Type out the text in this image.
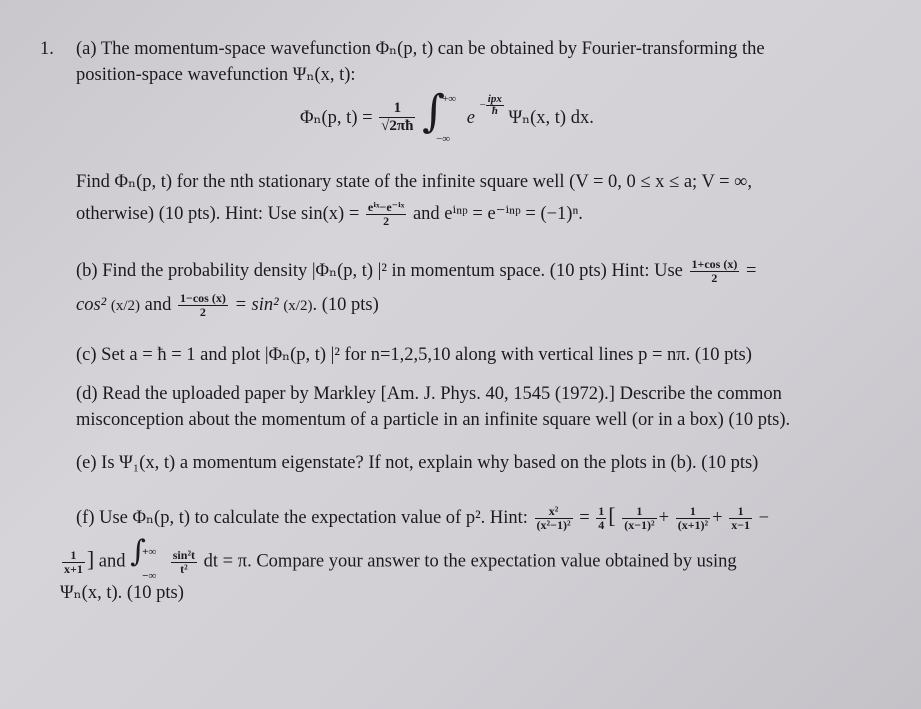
1. (a) The momentum-space wavefunction Φₙ(p, t) can be obtained by Fourier-transforming the
position-space wavefunction Ψₙ(x, t):
Φₙ(p, $t) = \frac{1}{√2\pi ħ}$
∫
+∞
−∞
$e - \frac{\text{ipx}}{ħ}$
Ψₙ(x, t) dx.
Find Φₙ(p, t) for the nth stationary state of the infinite square well (V = 0, 0 ≤ x ≤ a; V = ∞,
otherwise) (10 pts). Hint: Use $\sin(x) = \frac{\text{eⁱˣ−e⁻ⁱˣ}}{2}$ and eⁱⁿᵖ = e⁻ⁱⁿᵖ = (−1)ⁿ.
(b) Find the probability density |Φₙ(p, t) |² in momentum space. (10 pts) Hint: Use $\frac{1+\cos (x)}{2}$ =
cos² (x/2) and $\frac{1-\cos (x)}{2} = \sin^2$ (x/2). (10 pts)
(c) Set a = ħ = 1 and plot |Φₙ(p, t) |² for n=1,2,5,10 along with vertical lines p = nπ. (10 pts)
(d) Read the uploaded paper by Markley [Am. J. Phys. 40, 1545 (1972).] Describe the common
misconception about the momentum of a particle in an infinite square well (or in a box) (10 pts).
(e) Is Ψ₁(x, t) a momentum eigenstate? If not, explain why based on the plots in (b). (10 pts)
(f) Use Φₙ(p, t) to calculate the expectation value of p². Hint: $\frac{\text{x²}}{\text{(x²−1)²}} = \frac{1}{4}$ [ $\frac{1}{\text{(x−1)²}} + \frac{1}{\text{(x+1)²}} + \frac{1}{x-1}$ −
$\frac{1}{x+1}$ ] and ∫
+∞
−∞

$\frac{\text{sin²t}}{\text{t²}}$ dt = π. Compare your answer to the expectation value obtained by using
Ψₙ(x, t). (10 pts)
